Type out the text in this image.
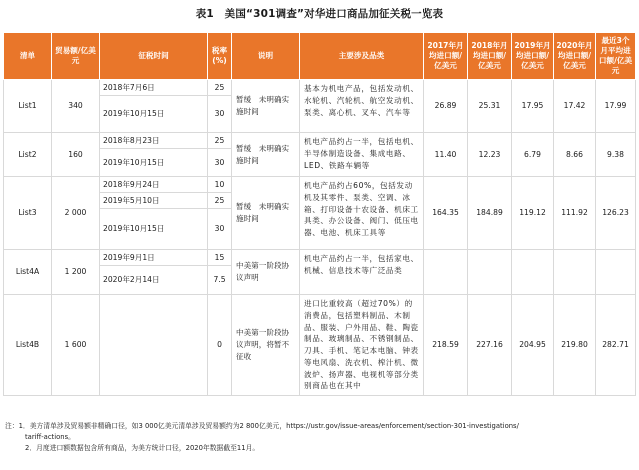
表1　美国“301调查”对华进口商品加征关税一览表
清单	贸易额/亿美元	征税时间	税率(%)	说明	主要涉及品类	2017年月均进口额/亿美元	2018年月均进口额/亿美元	2019年月均进口额/亿美元	2020年月均进口额/亿美元	最近3个月平均进口额/亿美元
List1	340	2018年7月6日	25	暂缓　未明确实施时间	基本为机电产品，包括发动机、水轮机、汽轮机、航空发动机、泵类、离心机、叉车、汽车等	26.89	25.31	17.95	17.42	17.99
		2019年10月15日	30							
List2	160	2018年8月23日	25	暂缓　未明确实施时间	机电产品约占一半，包括电机、半导体制造设备、集成电路、LED、铁路车辆等	11.40	12.23	6.79	8.66	9.38
		2019年10月15日	30							
List3	2 000	2018年9月24日	10	暂缓　未明确实施时间	机电产品约占60%，包括发动机及其零件、泵类、空调、冰箱、打印设备十农设备、机床工具类、办公设备、阀门、低压电器、电池、机床工具等	164.35	184.89	119.12	111.92	126.23
		2019年5月10日	25							
		2019年10月15日	30							
List4A	1 200	2019年9月1日	15	中美第一阶段协议声明	机电产品约占一半，包括家电、机械、信息技术等广泛品类					
		2020年2月14日	7.5							
List4B	1 600		0	中美第一阶段协议声明，将暂不征收	进口比重较高（超过70%）的消费品，包括塑料制品、木制品、服装、户外用品、鞋、陶瓷制品、玻璃制品、不锈钢制品、刀具、手机、笔记本电脑、钟表等电风扇、洗衣机、榨汁机、微波炉、扬声器、电视机等部分类别商品也在其中	218.59	227.16	204.95	219.80	282.71
注：1．美方清单涉及贸易额非精确口径，如3 000亿美元清单涉及贸易额约为2 800亿美元，https://ustr.gov/issue-areas/enforcement/section-301-investigations/
tariff-actions。
2．月度进口额数据包含所有商品，为美方统计口径，2020年数据截至11月。
